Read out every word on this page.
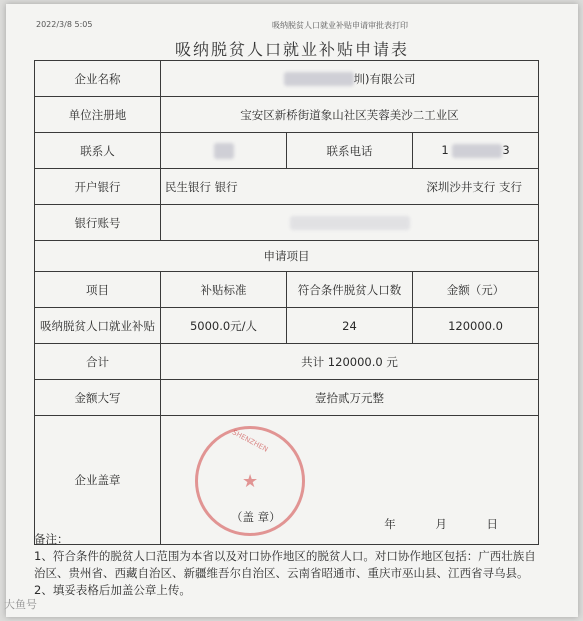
2022/3/8 5:05	吸纳脱贫人口就业补贴申请审批表打印
吸纳脱贫人口就业补贴申请表
企业名称	圳)有限公司		
单位注册地	宝安区新桥街道象山社区芙蓉美沙二工业区		
联系人		联系电话	1 3
开户银行	民生银行 银行 深圳沙井支行 支行		

银行账号			
申请项目			
项目	补贴标准	符合条件脱贫人口数	金额（元）
吸纳脱贫人口就业补贴	5000.0元/人	24	120000.0
合计	共计 120000.0 元		
金额大写	壹拾贰万元整		
企业盖章	SHENZHEN
★
（盖 章） 年 月 日		
备注：
1、符合条件的脱贫人口范围为本省以及对口协作地区的脱贫人口。对口协作地区包括：广西壮族自
治区、贵州省、西藏自治区、新疆维吾尔自治区、云南省昭通市、重庆市巫山县、江西省寻乌县。
2、填妥表格后加盖公章上传。
大鱼号
